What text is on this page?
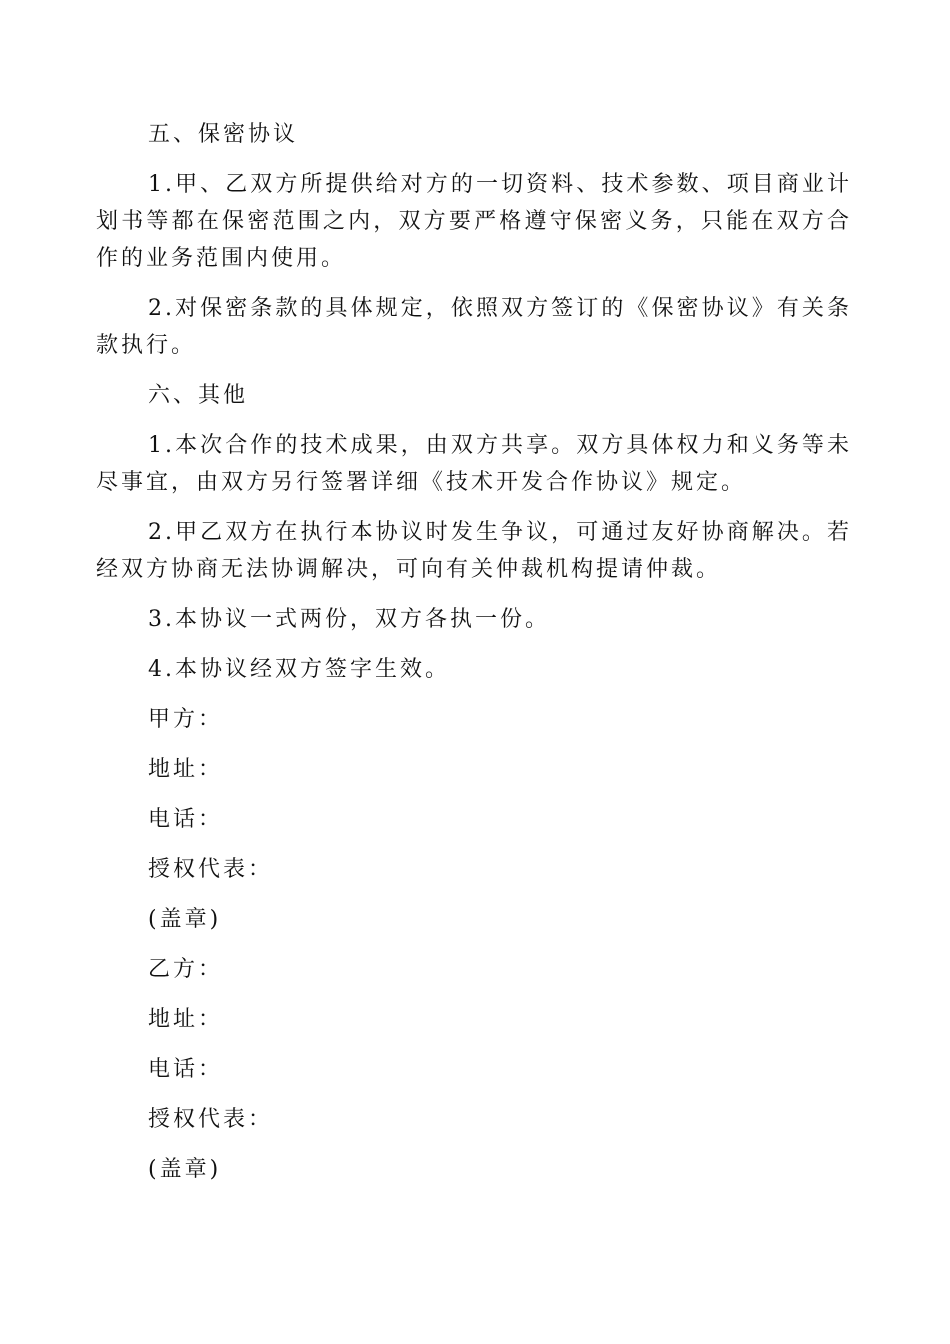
五、保密协议

1.甲、乙双方所提供给对方的一切资料、技术参数、项目商业计划书等都在保密范围之内，双方要严格遵守保密义务，只能在双方合作的业务范围内使用。

2.对保密条款的具体规定，依照双方签订的《保密协议》有关条款执行。

六、其他

1.本次合作的技术成果，由双方共享。双方具体权力和义务等未尽事宜，由双方另行签署详细《技术开发合作协议》规定。

2.甲乙双方在执行本协议时发生争议，可通过友好协商解决。若经双方协商无法协调解决，可向有关仲裁机构提请仲裁。

3.本协议一式两份，双方各执一份。

4.本协议经双方签字生效。

甲方：

地址：

电话：

授权代表：

(盖章)

乙方：

地址：

电话：

授权代表：

(盖章)
